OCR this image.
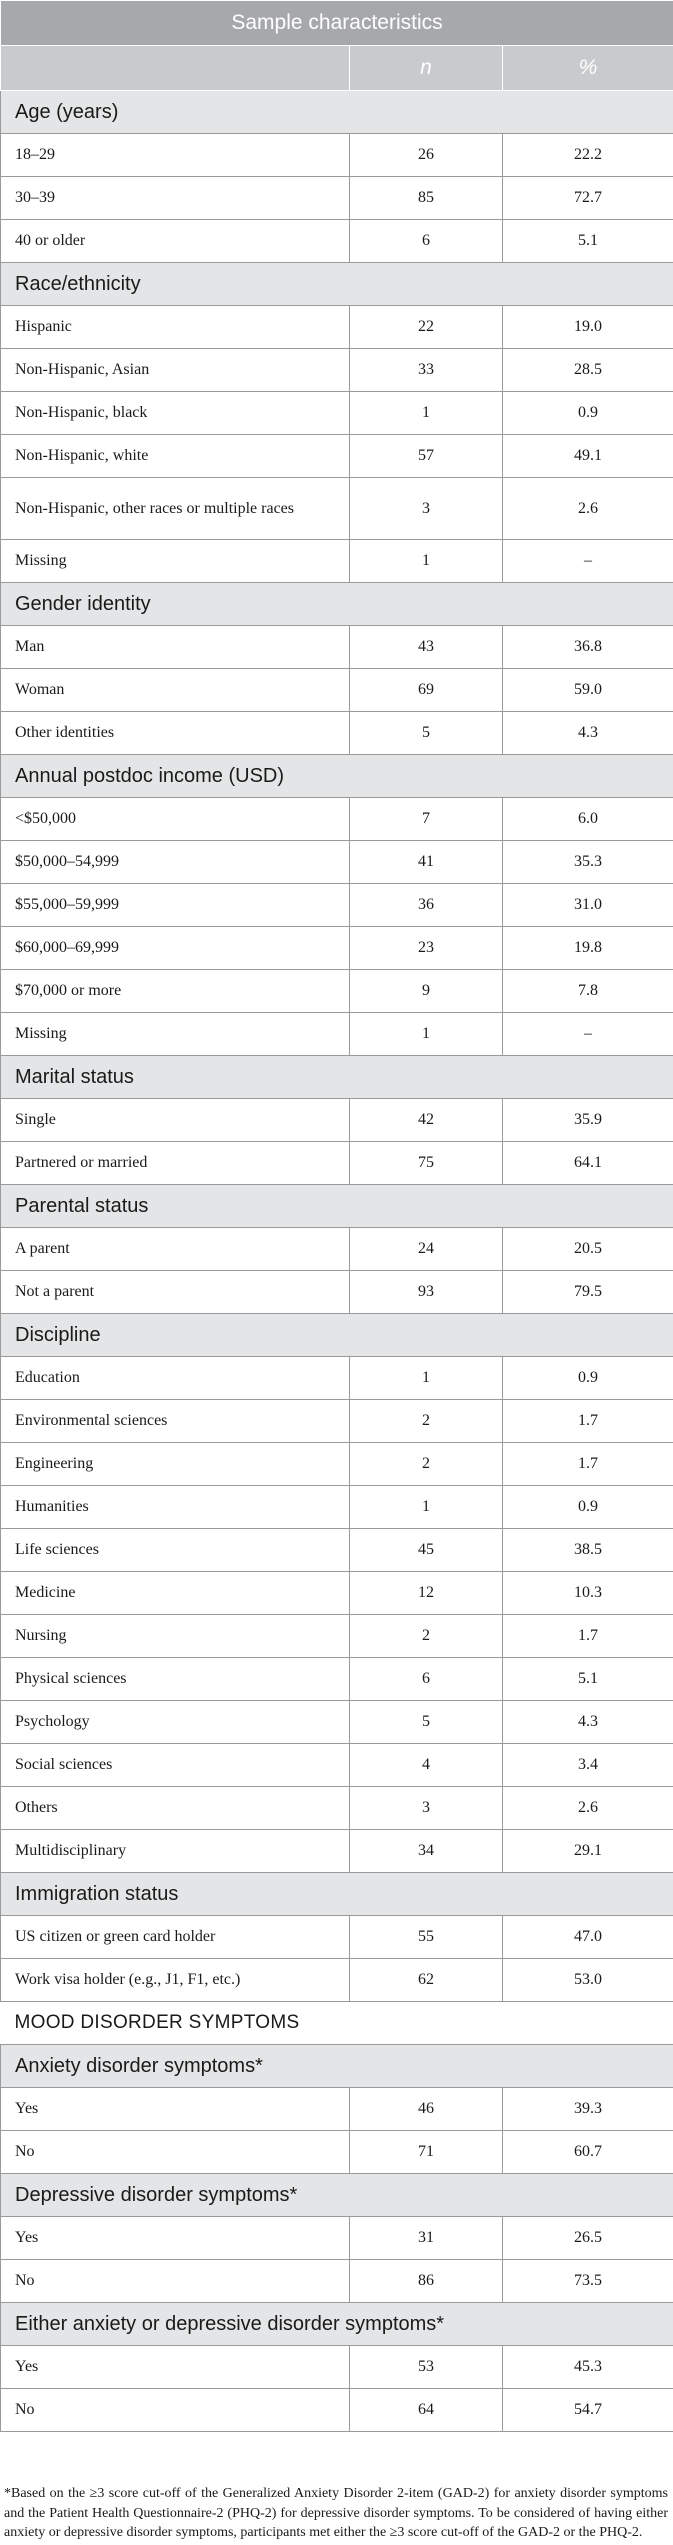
Sample characteristics		
	n	%
Age (years)		
18–29	26	22.2
30–39	85	72.7
40 or older	6	5.1
Race/ethnicity		
Hispanic	22	19.0
Non-Hispanic, Asian	33	28.5
Non-Hispanic, black	1	0.9
Non-Hispanic, white	57	49.1
Non-Hispanic, other races or multiple races	3	2.6
Missing	1	–
Gender identity		
Man	43	36.8
Woman	69	59.0
Other identities	5	4.3
Annual postdoc income (USD)		
<$50,000	7	6.0
$50,000–54,999	41	35.3
$55,000–59,999	36	31.0
$60,000–69,999	23	19.8
$70,000 or more	9	7.8
Missing	1	–
Marital status		
Single	42	35.9
Partnered or married	75	64.1
Parental status		
A parent	24	20.5
Not a parent	93	79.5
Discipline		
Education	1	0.9
Environmental sciences	2	1.7
Engineering	2	1.7
Humanities	1	0.9
Life sciences	45	38.5
Medicine	12	10.3
Nursing	2	1.7
Physical sciences	6	5.1
Psychology	5	4.3
Social sciences	4	3.4
Others	3	2.6
Multidisciplinary	34	29.1
Immigration status		
US citizen or green card holder	55	47.0
Work visa holder (e.g., J1, F1, etc.)	62	53.0
MOOD DISORDER SYMPTOMS		
Anxiety disorder symptoms*		
Yes	46	39.3
No	71	60.7
Depressive disorder symptoms*		
Yes	31	26.5
No	86	73.5
Either anxiety or depressive disorder symptoms*		
Yes	53	45.3
No	64	54.7
*Based on the ≥3 score cut-off of the Generalized Anxiety Disorder 2-item (GAD-2) for anxiety disorder symptoms and the Patient Health Questionnaire-2 (PHQ-2) for depressive disorder symptoms. To be considered of having either anxiety or depressive disorder symptoms, participants met either the ≥3 score cut-off of the GAD-2 or the PHQ-2.
